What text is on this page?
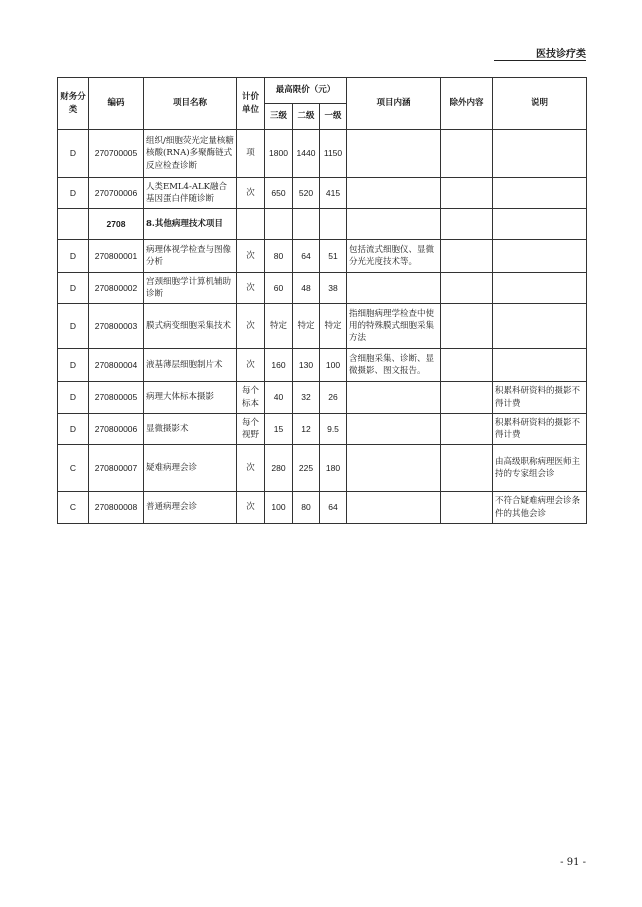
医技诊疗类
财务分类	编码	项目名称	计价单位	最高限价（元）			项目内涵	除外内容	说明
				三级	二级	一级			
D	270700005	组织/细胞荧光定量核糖核酸(RNA)多聚酶链式反应检查诊断	项	1800	1440	1150			
D	270700006	人类EML4-ALK融合基因蛋白伴随诊断	次	650	520	415			
	2708	8.其他病理技术项目							
D	270800001	病理体视学检查与图像分析	次	80	64	51	包括流式细胞仪、显微分光光度技术等。		
D	270800002	宫颈细胞学计算机辅助诊断	次	60	48	38			
D	270800003	膜式病变细胞采集技术	次	特定	特定	特定	指细胞病理学检查中使用的特殊膜式细胞采集方法		
D	270800004	液基薄层细胞制片术	次	160	130	100	含细胞采集、诊断、显微摄影、图文报告。		
D	270800005	病理大体标本摄影	每个标本	40	32	26			积累科研资料的摄影不得计费
D	270800006	显微摄影术	每个视野	15	12	9.5			积累科研资料的摄影不得计费
C	270800007	疑难病理会诊	次	280	225	180			由高级职称病理医师主持的专家组会诊
C	270800008	普通病理会诊	次	100	80	64			不符合疑难病理会诊条件的其他会诊
- 91 -
